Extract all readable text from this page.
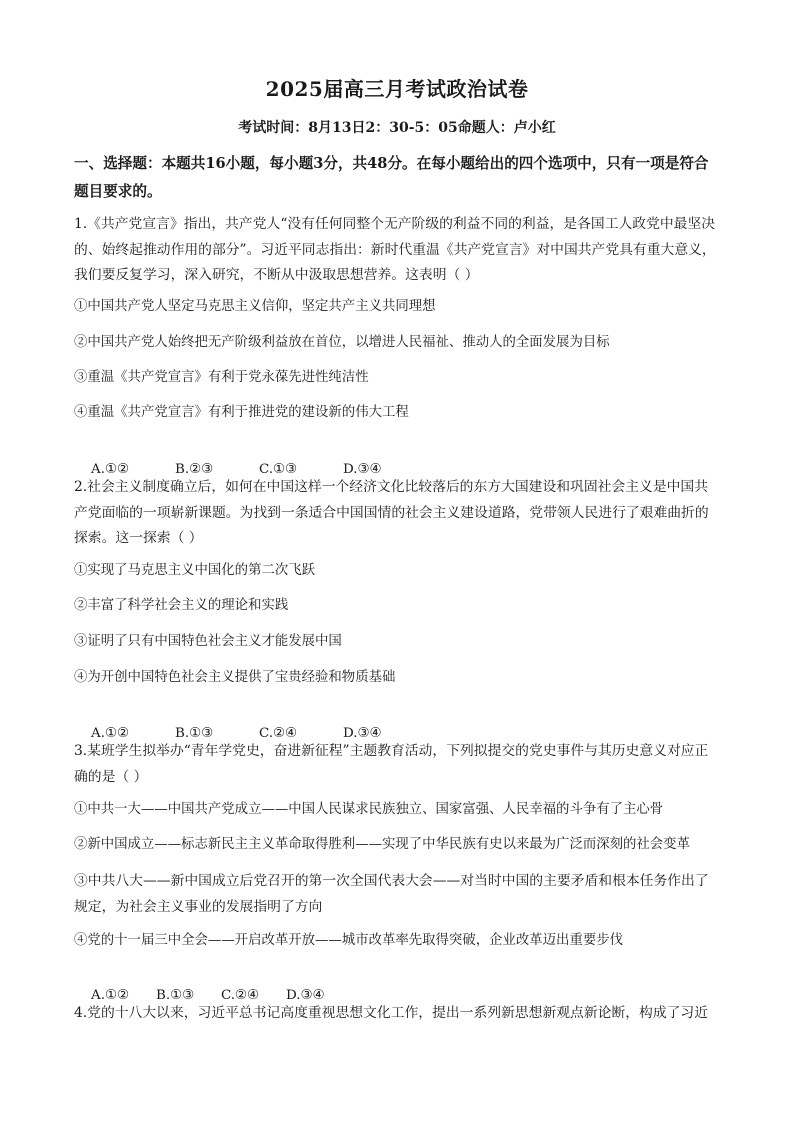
2025届高三月考试政治试卷
考试时间：8月13日2：30-5：05命题人：卢小红
一、选择题：本题共16小题，每小题3分，共48分。在每小题给出的四个选项中，只有一项是符合题目要求的。
1.《共产党宣言》指出，共产党人“没有任何同整个无产阶级的利益不同的利益，是各国工人政党中最坚决的、始终起推动作用的部分”。习近平同志指出：新时代重温《共产党宣言》对中国共产党具有重大意义，我们要反复学习，深入研究，不断从中汲取思想营养。这表明（ ）
①中国共产党人坚定马克思主义信仰，坚定共产主义共同理想
②中国共产党人始终把无产阶级利益放在首位，以增进人民福祉、推动人的全面发展为目标
③重温《共产党宣言》有利于党永葆先进性纯洁性
④重温《共产党宣言》有利于推进党的建设新的伟大工程

A.①②	B.②③	C.①③	D.③④

2.社会主义制度确立后，如何在中国这样一个经济文化比较落后的东方大国建设和巩固社会主义是中国共产党面临的一项崭新课题。为找到一条适合中国国情的社会主义建设道路，党带领人民进行了艰难曲折的探索。这一探索（ ）
①实现了马克思主义中国化的第二次飞跃
②丰富了科学社会主义的理论和实践
③证明了只有中国特色社会主义才能发展中国
④为开创中国特色社会主义提供了宝贵经验和物质基础

A.①②	B.①③	C.②④	D.③④

3.某班学生拟举办“青年学党史，奋进新征程”主题教育活动，下列拟提交的党史事件与其历史意义对应正确的是（ ）
①中共一大——中国共产党成立——中国人民谋求民族独立、国家富强、人民幸福的斗争有了主心骨
②新中国成立——标志新民主主义革命取得胜利——实现了中华民族有史以来最为广泛而深刻的社会变革
③中共八大——新中国成立后党召开的第一次全国代表大会——对当时中国的主要矛盾和根本任务作出了规定，为社会主义事业的发展指明了方向
④党的十一届三中全会——开启改革开放——城市改革率先取得突破，企业改革迈出重要步伐

A.①② B.①③ C.②④ D.③④

4.党的十八大以来，习近平总书记高度重视思想文化工作，提出一系列新思想新观点新论断，构成了习近
